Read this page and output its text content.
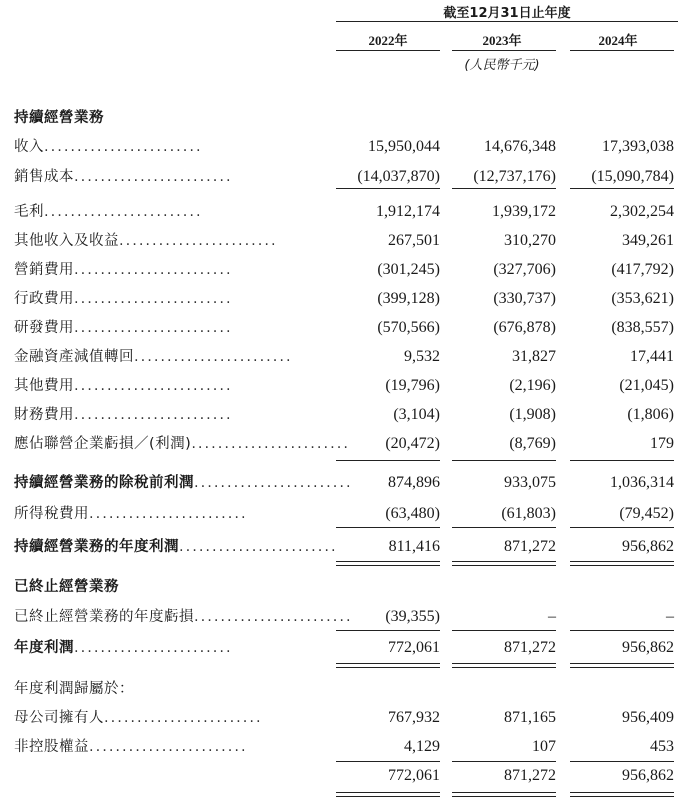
截至12月31日止年度
2022年	2023年	2024年
(人民幣千元)
持續經營業務
收入........................	15,950,044	14,676,348	17,393,038
銷售成本........................	(14,037,870)	(12,737,176)	(15,090,784)
毛利........................	1,912,174	1,939,172	2,302,254
其他收入及收益........................	267,501	310,270	349,261
營銷費用........................	(301,245)	(327,706)	(417,792)
行政費用........................	(399,128)	(330,737)	(353,621)
研發費用........................	(570,566)	(676,878)	(838,557)
金融資產減值轉回........................	9,532	31,827	17,441
其他費用........................	(19,796)	(2,196)	(21,045)
財務費用........................	(3,104)	(1,908)	(1,806)
應佔聯營企業虧損／(利潤)........................	(20,472)	(8,769)	179
持續經營業務的除稅前利潤........................	874,896	933,075	1,036,314
所得稅費用........................	(63,480)	(61,803)	(79,452)
持續經營業務的年度利潤........................	811,416	871,272	956,862
已終止經營業務
已終止經營業務的年度虧損........................	(39,355)	–	–
年度利潤........................	772,061	871,272	956,862
年度利潤歸屬於：
母公司擁有人........................	767,932	871,165	956,409
非控股權益........................	4,129	107	453
772,061	871,272	956,862
